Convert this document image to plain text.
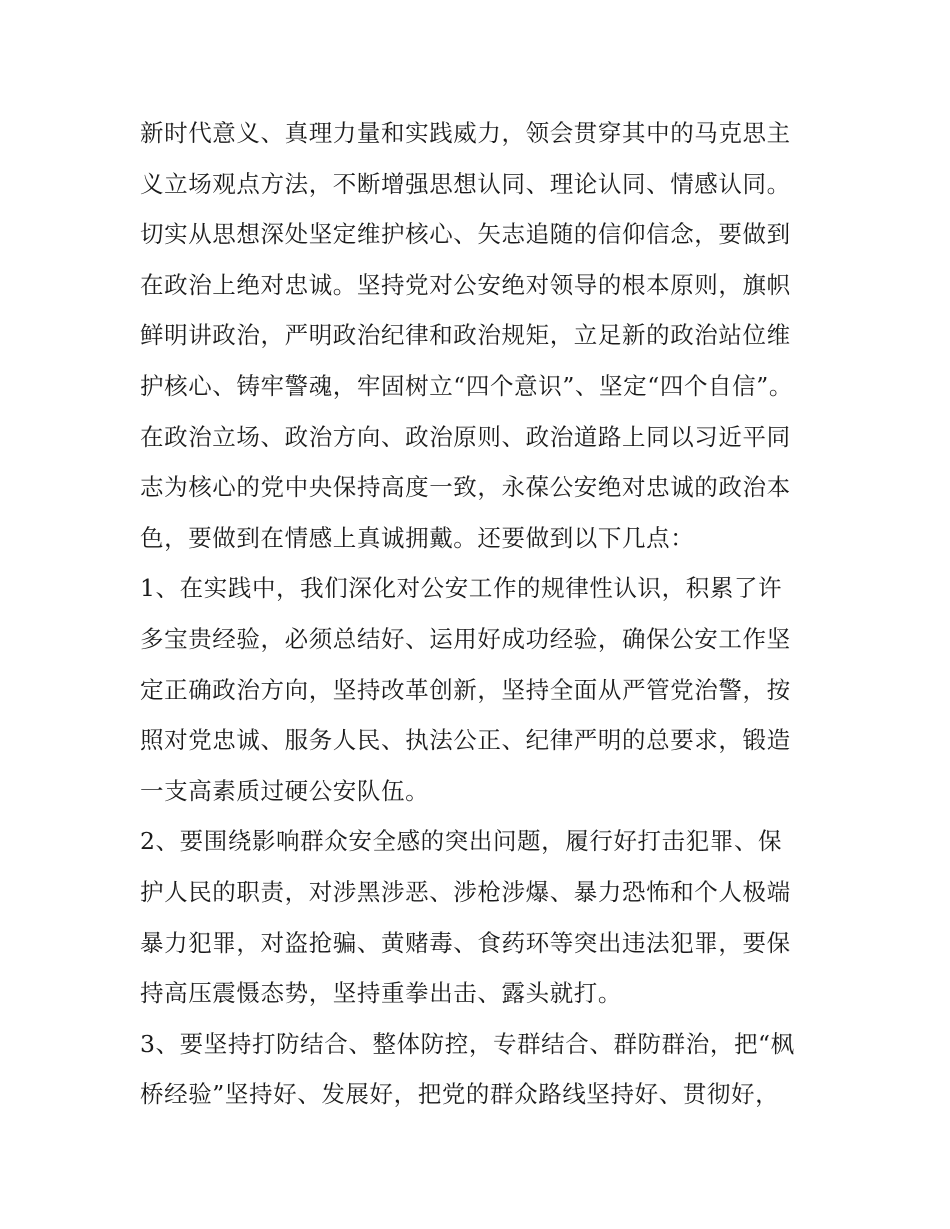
新时代意义、真理力量和实践威力，领会贯穿其中的马克思主
义立场观点方法，不断增强思想认同、理论认同、情感认同。
切实从思想深处坚定维护核心、矢志追随的信仰信念，要做到
在政治上绝对忠诚。坚持党对公安绝对领导的根本原则，旗帜
鲜明讲政治，严明政治纪律和政治规矩，立足新的政治站位维
护核心、铸牢警魂，牢固树立“四个意识”、坚定“四个自信”。
在政治立场、政治方向、政治原则、政治道路上同以习近平同
志为核心的党中央保持高度一致，永葆公安绝对忠诚的政治本
色，要做到在情感上真诚拥戴。还要做到以下几点：
1、在实践中，我们深化对公安工作的规律性认识，积累了许
多宝贵经验，必须总结好、运用好成功经验，确保公安工作坚
定正确政治方向，坚持改革创新，坚持全面从严管党治警，按
照对党忠诚、服务人民、执法公正、纪律严明的总要求，锻造
一支高素质过硬公安队伍。
2、要围绕影响群众安全感的突出问题，履行好打击犯罪、保
护人民的职责，对涉黑涉恶、涉枪涉爆、暴力恐怖和个人极端
暴力犯罪，对盗抢骗、黄赌毒、食药环等突出违法犯罪，要保
持高压震慑态势，坚持重拳出击、露头就打。
3、要坚持打防结合、整体防控，专群结合、群防群治，把“枫
桥经验”坚持好、发展好，把党的群众路线坚持好、贯彻好，
